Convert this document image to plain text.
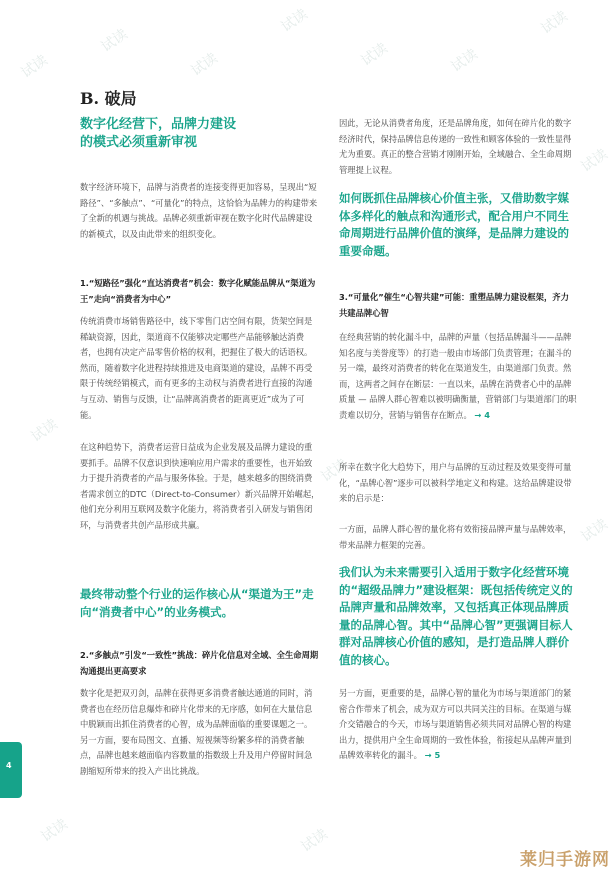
试读
试读
试读
试读
试读	试读
试读
试读
试读
试读
试读
试读	试读
B. 破局
数字化经营下，品牌力建设的模式必须重新审视

数字经济环境下，品牌与消费者的连接变得更加容易，呈现出“短路径”、“多触点”、“可量化”的特点，这恰恰为品牌力的构建带来了全新的机遇与挑战。品牌必须重新审视在数字化时代品牌建设的新模式，以及由此带来的组织变化。

1.“短路径”强化“直达消费者”机会：数字化赋能品牌从“渠道为王”走向“消费者为中心”

传统消费市场销售路径中，线下零售门店空间有限，货架空间是稀缺资源，因此，渠道商不仅能够决定哪些产品能够触达消费者，也拥有决定产品零售价格的权利，把握住了极大的话语权。然而，随着数字化进程持续推进及电商渠道的建设，品牌不再受限于传统经销模式，而有更多的主动权与消费者进行直接的沟通与互动、销售与反馈，让“品牌离消费者的距离更近”成为了可能。

在这种趋势下，消费者运营日益成为企业发展及品牌力建设的重要抓手。品牌不仅意识到快速响应用户需求的重要性，也开始致力于提升消费者的产品与服务体验。于是，越来越多的围绕消费者需求创立的DTC（Direct-to-Consumer）新兴品牌开始崛起，他们充分利用互联网及数字化能力，将消费者引入研发与销售闭环，与消费者共创产品形成共赢。

最终带动整个行业的运作核心从“渠道为王”走向“消费者中心”的业务模式。

2.“多触点”引发“一致性”挑战：碎片化信息对全域、全生命周期沟通提出更高要求

数字化是把双刃剑，品牌在获得更多消费者触达通道的同时，消费者也在经历信息爆炸和碎片化带来的无序感，如何在大量信息中脱颖而出抓住消费者的心智，成为品牌面临的重要课题之一。另一方面，要布局图文、直播、短视频等纷繁多样的消费者触点，品牌也越来越面临内容数量的指数级上升及用户停留时间急剧缩短所带来的投入产出比挑战。

因此，无论从消费者角度，还是品牌角度，如何在碎片化的数字经济时代，保持品牌信息传递的一致性和顾客体验的一致性显得尤为重要。真正的整合营销才刚刚开始，全域融合、全生命周期管理提上议程。

如何既抓住品牌核心价值主张，又借助数字媒体多样化的触点和沟通形式，配合用户不同生命周期进行品牌价值的演绎，是品牌力建设的重要命题。

3.“可量化”催生“心智共建”可能：重塑品牌力建设框架，齐力共建品牌心智

在经典营销的转化漏斗中，品牌的声量（包括品牌漏斗——品牌知名度与美誉度等）的打造一般由市场部门负责管理；在漏斗的另一端，最终对消费者的转化在渠道发生，由渠道部门负责。然而，这两者之间存在断层：一直以来，品牌在消费者心中的品牌质量 — 品牌人群心智难以被明确衡量，营销部门与渠道部门的职责难以切分，营销与销售存在断点。 → 4

所幸在数字化大趋势下，用户与品牌的互动过程及效果变得可量化，“品牌心智”逐步可以被科学地定义和构建。这给品牌建设带来的启示是：

一方面，品牌人群心智的量化将有效衔接品牌声量与品牌效率，带来品牌力框架的完善。

我们认为未来需要引入适用于数字化经营环境的“超级品牌力”建设框架：既包括传统定义的品牌声量和品牌效率，又包括真正体现品牌质量的品牌心智。其中“品牌心智”更强调目标人群对品牌核心价值的感知，是打造品牌人群价值的核心。

另一方面，更重要的是，品牌心智的量化为市场与渠道部门的紧密合作带来了机会，成为双方可以共同关注的目标。在渠道与媒介交错融合的今天，市场与渠道销售必须共同对品牌心智的构建出力，提供用户全生命周期的一致性体验，衔接起从品牌声量到品牌效率转化的漏斗。 → 5

4
莱归手游网
